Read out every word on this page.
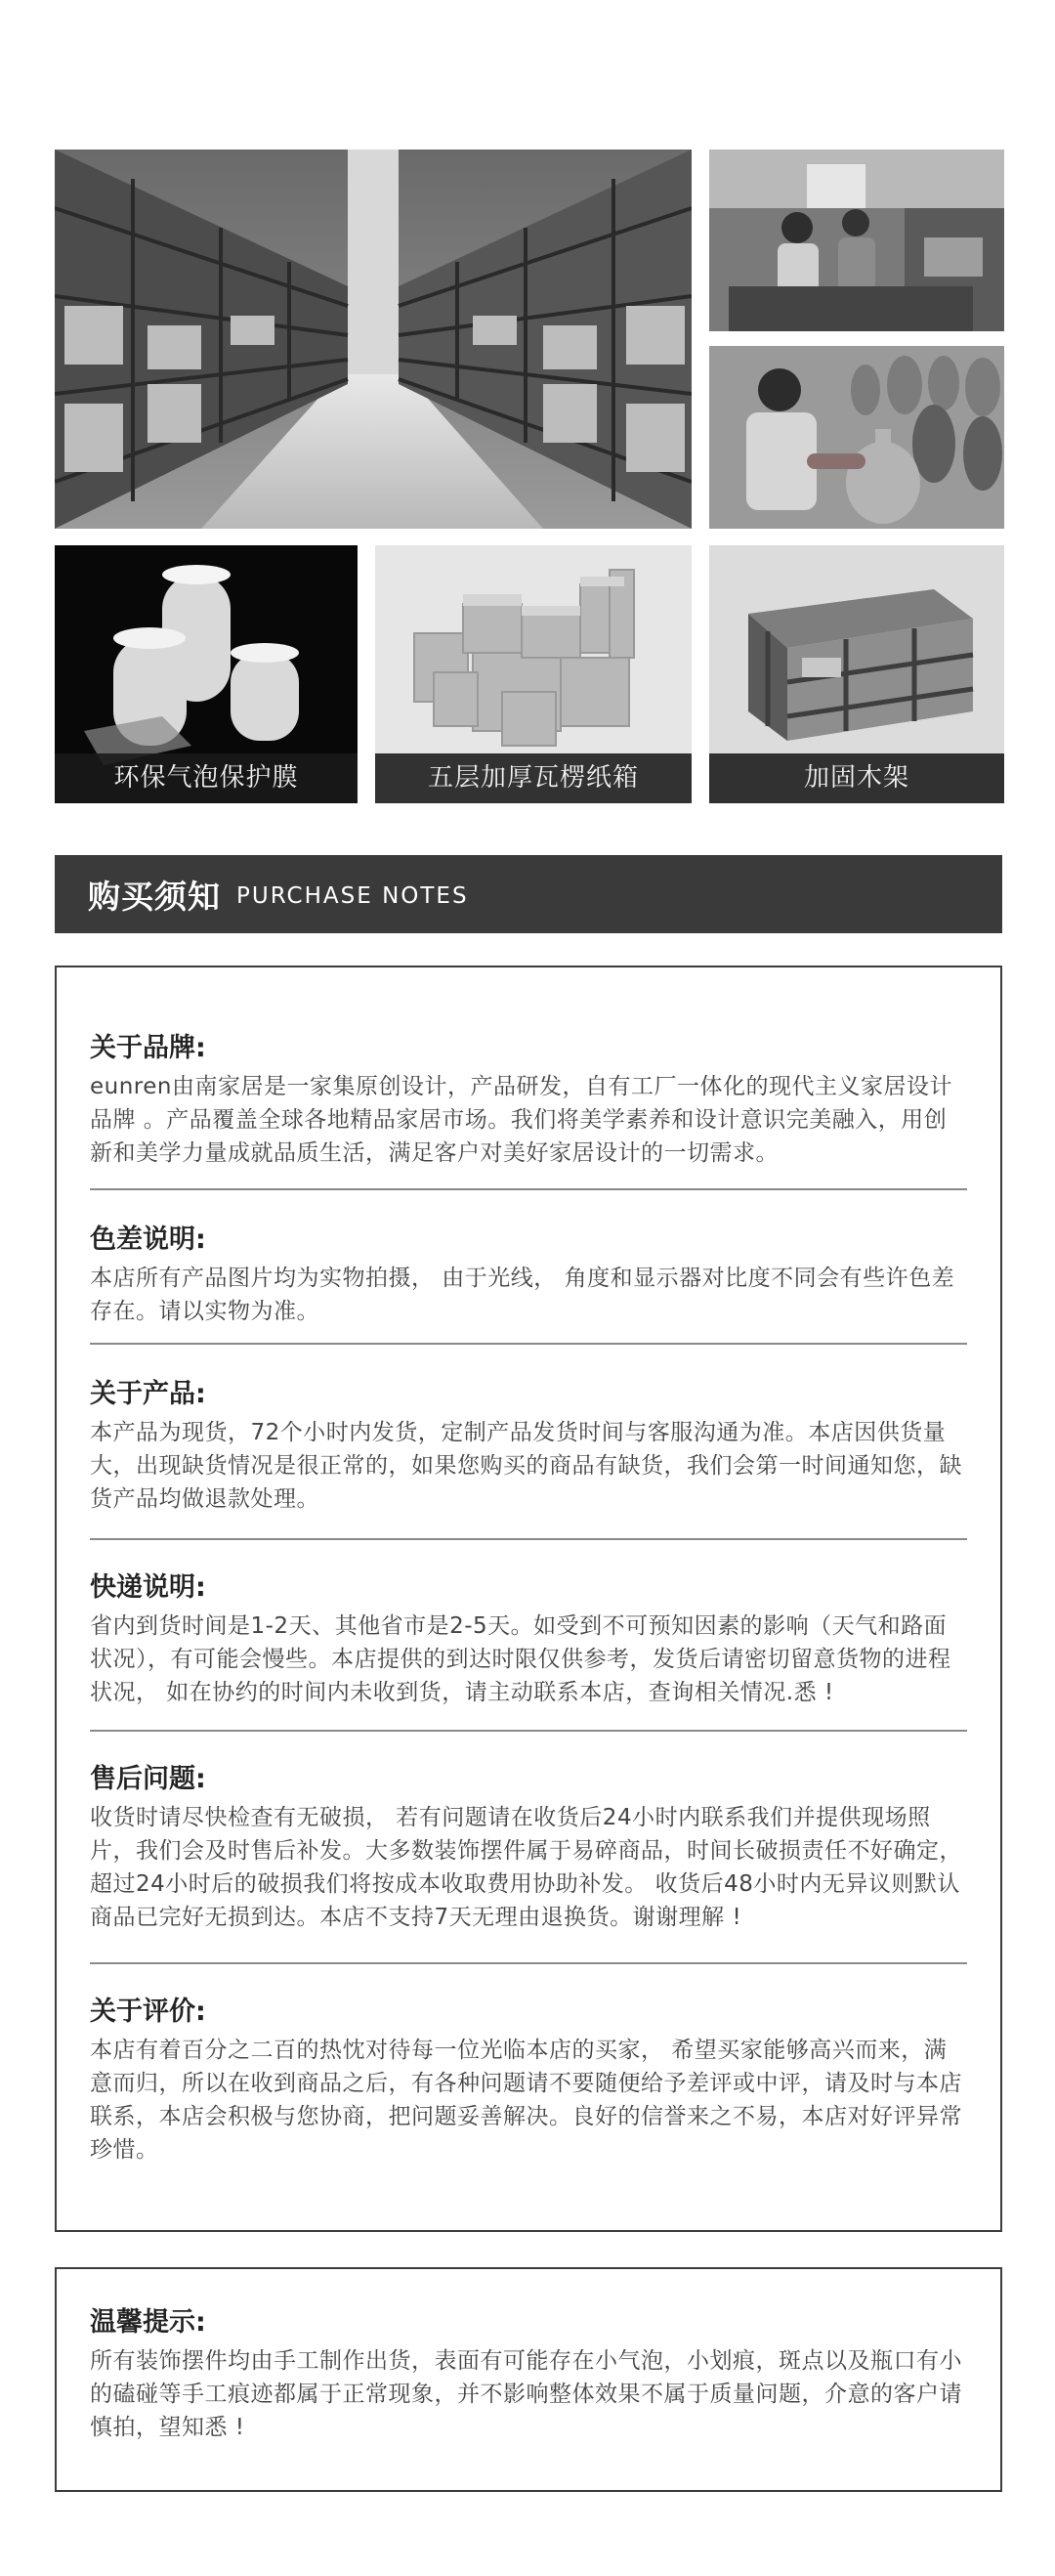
环保气泡保护膜	五层加厚瓦楞纸箱	加固木架
购买须知 PURCHASE NOTES
关于品牌:
eunren由南家居是一家集原创设计，产品研发，自有工厂一体化的现代主义家居设计品牌 。产品覆盖全球各地精品家居市场。我们将美学素养和设计意识完美融入，用创新和美学力量成就品质生活，满足客户对美好家居设计的一切需求。
色差说明:
本店所有产品图片均为实物拍摄， 由于光线， 角度和显示器对比度不同会有些许色差存在。请以实物为准。
关于产品:
本产品为现货，72个小时内发货，定制产品发货时间与客服沟通为准。本店因供货量大，出现缺货情况是很正常的，如果您购买的商品有缺货，我们会第一时间通知您，缺货产品均做退款处理。
快递说明:
省内到货时间是1-2天、其他省市是2-5天。如受到不可预知因素的影响（天气和路面状况），有可能会慢些。本店提供的到达时限仅供参考，发货后请密切留意货物的进程状况， 如在协约的时间内未收到货，请主动联系本店，查询相关情况.悉 !
售后问题:
收货时请尽快检查有无破损， 若有问题请在收货后24小时内联系我们并提供现场照片，我们会及时售后补发。大多数装饰摆件属于易碎商品，时间长破损责任不好确定， 超过24小时后的破损我们将按成本收取费用协助补发。 收货后48小时内无异议则默认商品已完好无损到达。本店不支持7天无理由退换货。谢谢理解 !
关于评价:
本店有着百分之二百的热忱对待每一位光临本店的买家， 希望买家能够高兴而来，满意而归，所以在收到商品之后，有各种问题请不要随便给予差评或中评，请及时与本店联系，本店会积极与您协商，把问题妥善解决。良好的信誉来之不易，本店对好评异常珍惜。
温馨提示:
所有装饰摆件均由手工制作出货，表面有可能存在小气泡，小划痕，斑点以及瓶口有小的磕碰等手工痕迹都属于正常现象，并不影响整体效果不属于质量问题，介意的客户请慎拍，望知悉 !
